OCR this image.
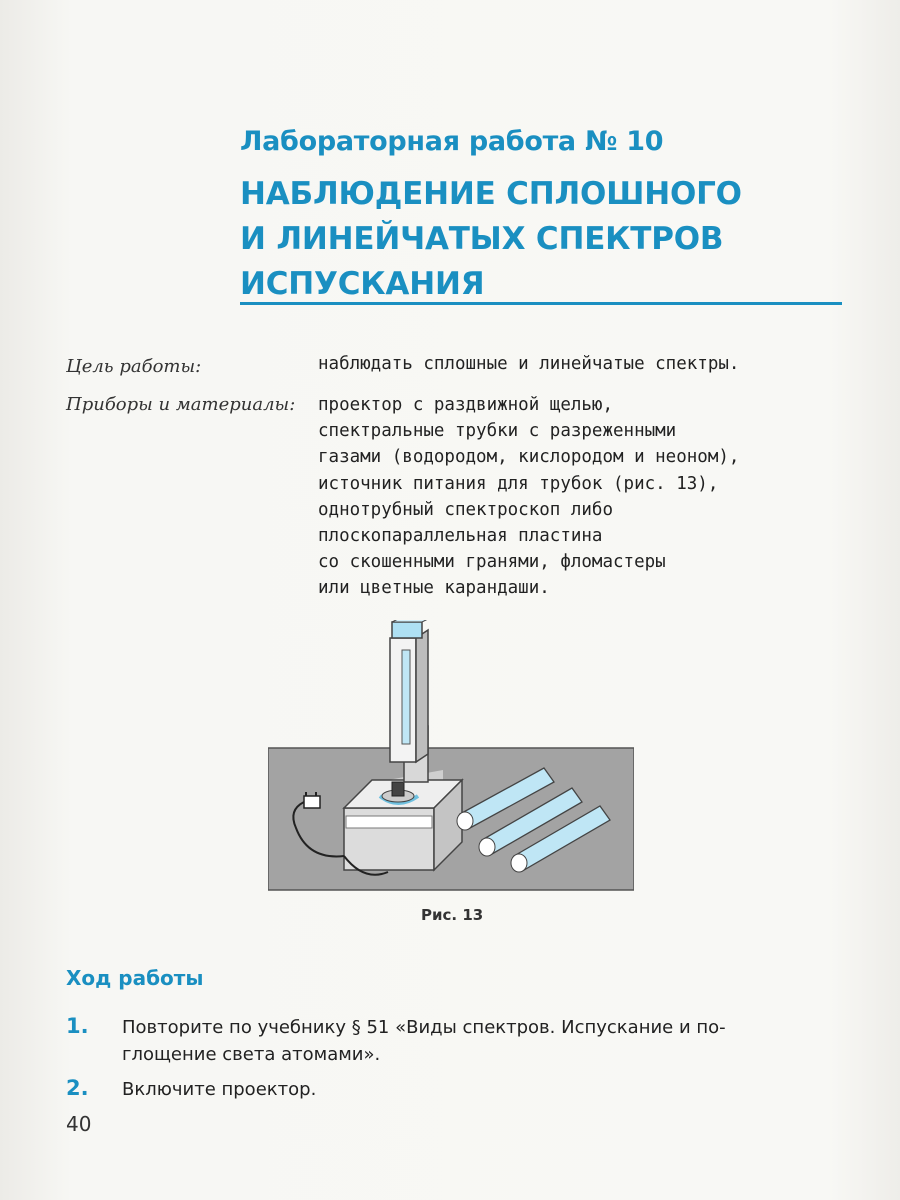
Лабораторная работа № 10
НАБЛЮДЕНИЕ СПЛОШНОГО
И ЛИНЕЙЧАТЫХ СПЕКТРОВ
ИСПУСКАНИЯ
Цель работы:	наблюдать сплошные и линейчатые спектры.
Приборы и материалы: проектор с раздвижной щелью,
спектральные трубки с разреженными
газами (водородом, кислородом и неоном),
источник питания для трубок (рис. 13),
однотрубный спектроскоп либо
плоскопараллельная пластина
со скошенными гранями, фломастеры
или цветные карандаши.
Рис. 13
Ход работы
1. Повторите по учебнику § 51 «Виды спектров. Испускание и по-
глощение света атомами».
2. Включите проектор.
40
